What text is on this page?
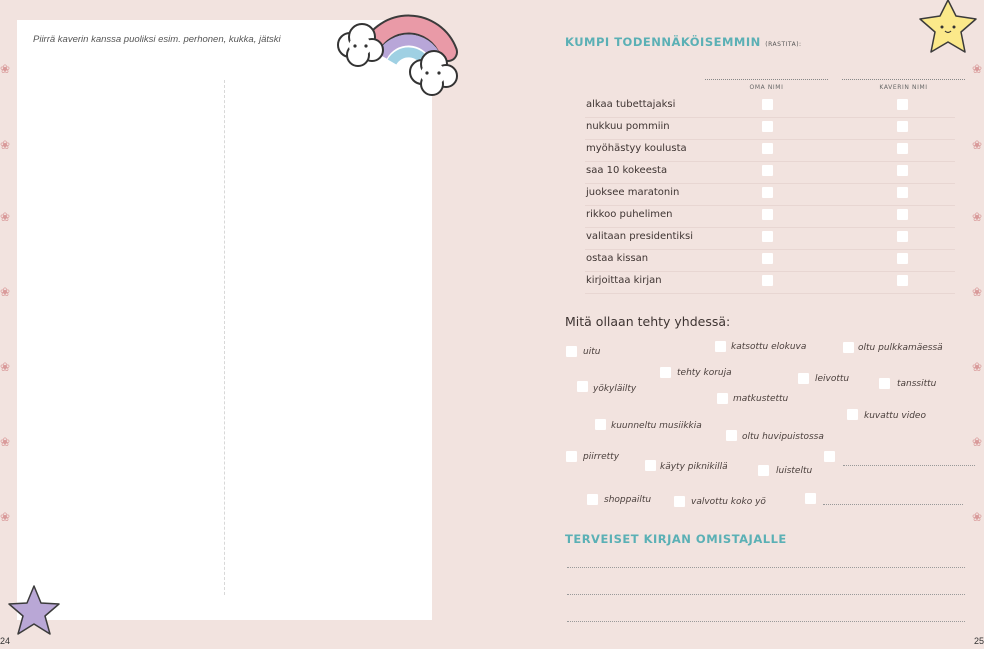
❀
❀
❀
❀
❀
❀
❀
❀
❀
❀
❀
❀
❀
❀
Piirrä kaverin kanssa puoliksi esim. perhonen, kukka, jätski
24
KUMPI TODENNÄKÖISEMMIN (RASTITA):
OMA NIMI	KAVERIN NIMI
alkaa tubettajaksi
nukkuu pommiin
myöhästyy koulusta
saa 10 kokeesta
juoksee maratonin
rikkoo puhelimen
valitaan presidentiksi
ostaa kissan
kirjoittaa kirjan
Mitä ollaan tehty yhdessä:
uitu	katsottu elokuva	oltu pulkkamäessä
tehty koruja
yökyläilty
leivottu	tanssittu
matkustettu
kuvattu video
kuunneltu musiikkia
oltu huvipuistossa
piirretty
käyty piknikillä	luisteltu
shoppailtu	valvottu koko yö
TERVEISET KIRJAN OMISTAJALLE
25
